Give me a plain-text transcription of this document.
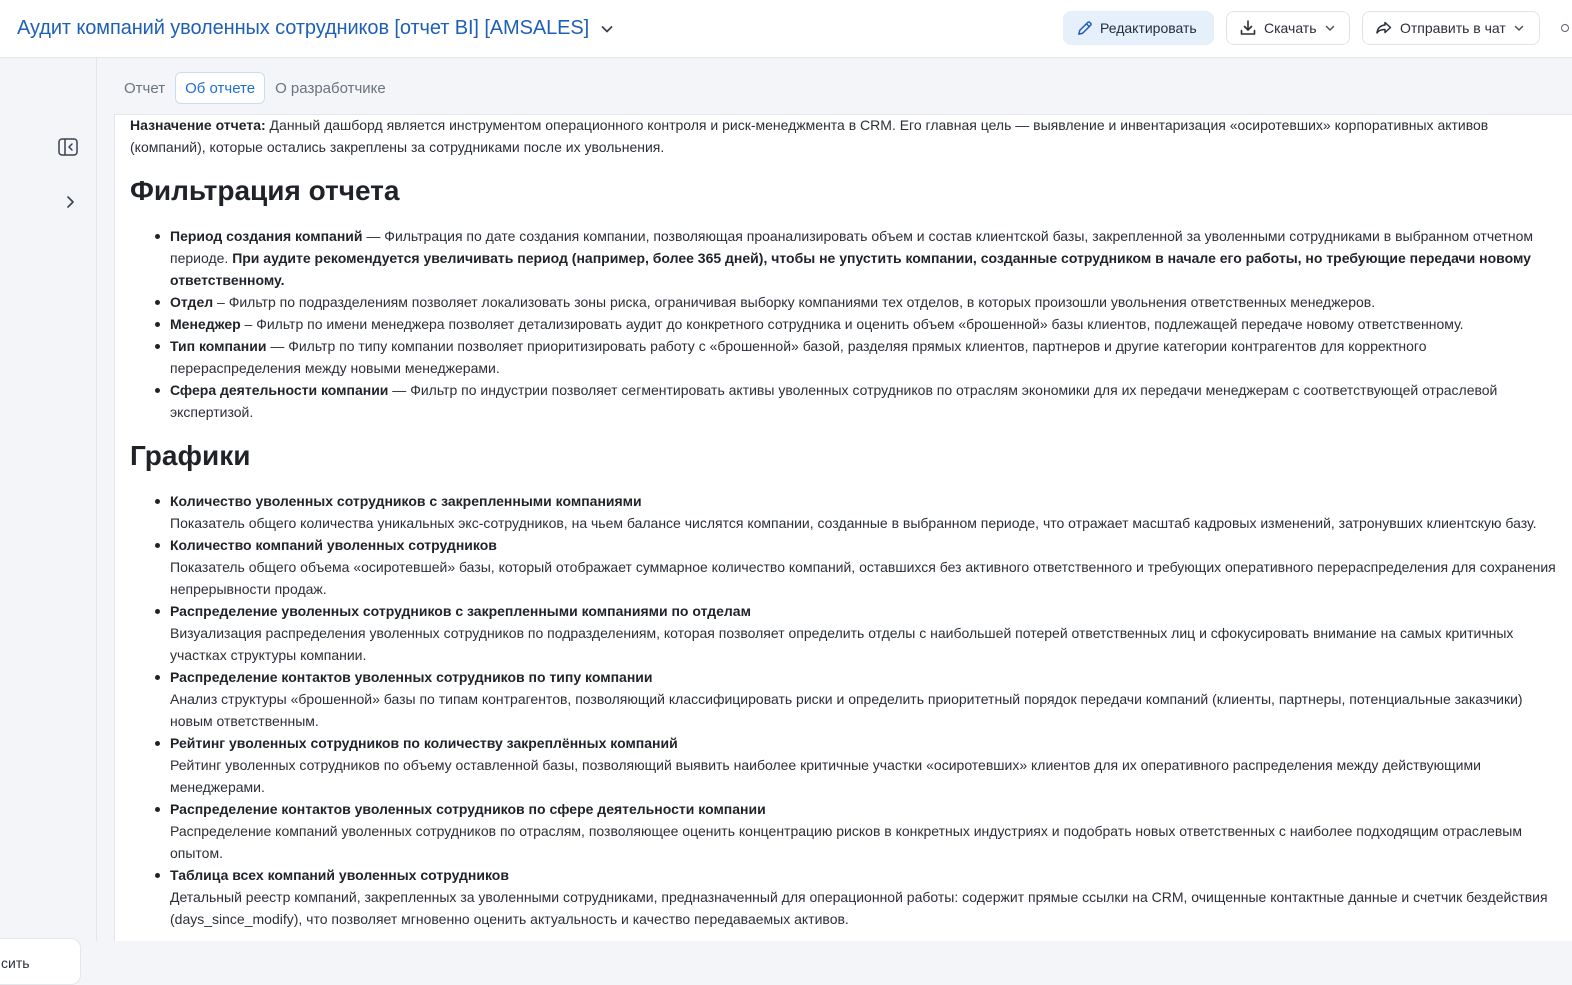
Аудит компаний уволенных сотрудников [отчет BI] [AMSALES]	Редактировать	Скачать	Отправить в чат
сить
Отчет	Об отчете	О разработчике

Назначение отчета: Данный дашборд является инструментом операционного контроля и риск-менеджмента в CRM. Его главная цель — выявление и инвентаризация «осиротевших» корпоративных активов (компаний), которые остались закреплены за сотрудниками после их увольнения.

Фильтрация отчета
Период создания компаний — Фильтрация по дате создания компании, позволяющая проанализировать объем и состав клиентской базы, закрепленной за уволенными сотрудниками в выбранном отчетном периоде. При аудите рекомендуется увеличивать период (например, более 365 дней), чтобы не упустить компании, созданные сотрудником в начале его работы, но требующие передачи новому ответственному.
Отдел – Фильтр по подразделениям позволяет локализовать зоны риска, ограничивая выборку компаниями тех отделов, в которых произошли увольнения ответственных менеджеров.
Менеджер – Фильтр по имени менеджера позволяет детализировать аудит до конкретного сотрудника и оценить объем «брошенной» базы клиентов, подлежащей передаче новому ответственному.
Тип компании — Фильтр по типу компании позволяет приоритизировать работу с «брошенной» базой, разделяя прямых клиентов, партнеров и другие категории контрагентов для корректного перераспределения между новыми менеджерами.
Сфера деятельности компании — Фильтр по индустрии позволяет сегментировать активы уволенных сотрудников по отраслям экономики для их передачи менеджерам с соответствующей отраслевой экспертизой.
Графики
Количество уволенных сотрудников с закрепленными компаниями
Показатель общего количества уникальных экс-сотрудников, на чьем балансе числятся компании, созданные в выбранном периоде, что отражает масштаб кадровых изменений, затронувших клиентскую базу.
Количество компаний уволенных сотрудников
Показатель общего объема «осиротевшей» базы, который отображает суммарное количество компаний, оставшихся без активного ответственного и требующих оперативного перераспределения для сохранения непрерывности продаж.
Распределение уволенных сотрудников с закрепленными компаниями по отделам
Визуализация распределения уволенных сотрудников по подразделениям, которая позволяет определить отделы с наибольшей потерей ответственных лиц и сфокусировать внимание на самых критичных участках структуры компании.
Распределение контактов уволенных сотрудников по типу компании
Анализ структуры «брошенной» базы по типам контрагентов, позволяющий классифицировать риски и определить приоритетный порядок передачи компаний (клиенты, партнеры, потенциальные заказчики) новым ответственным.
Рейтинг уволенных сотрудников по количеству закреплённых компаний
Рейтинг уволенных сотрудников по объему оставленной базы, позволяющий выявить наиболее критичные участки «осиротевших» клиентов для их оперативного распределения между действующими менеджерами.
Распределение контактов уволенных сотрудников по сфере деятельности компании
Распределение компаний уволенных сотрудников по отраслям, позволяющее оценить концентрацию рисков в конкретных индустриях и подобрать новых ответственных с наиболее подходящим отраслевым опытом.
Таблица всех компаний уволенных сотрудников
Детальный реестр компаний, закрепленных за уволенными сотрудниками, предназначенный для операционной работы: содержит прямые ссылки на CRM, очищенные контактные данные и счетчик бездействия (days_since_modify), что позволяет мгновенно оценить актуальность и качество передаваемых активов.
